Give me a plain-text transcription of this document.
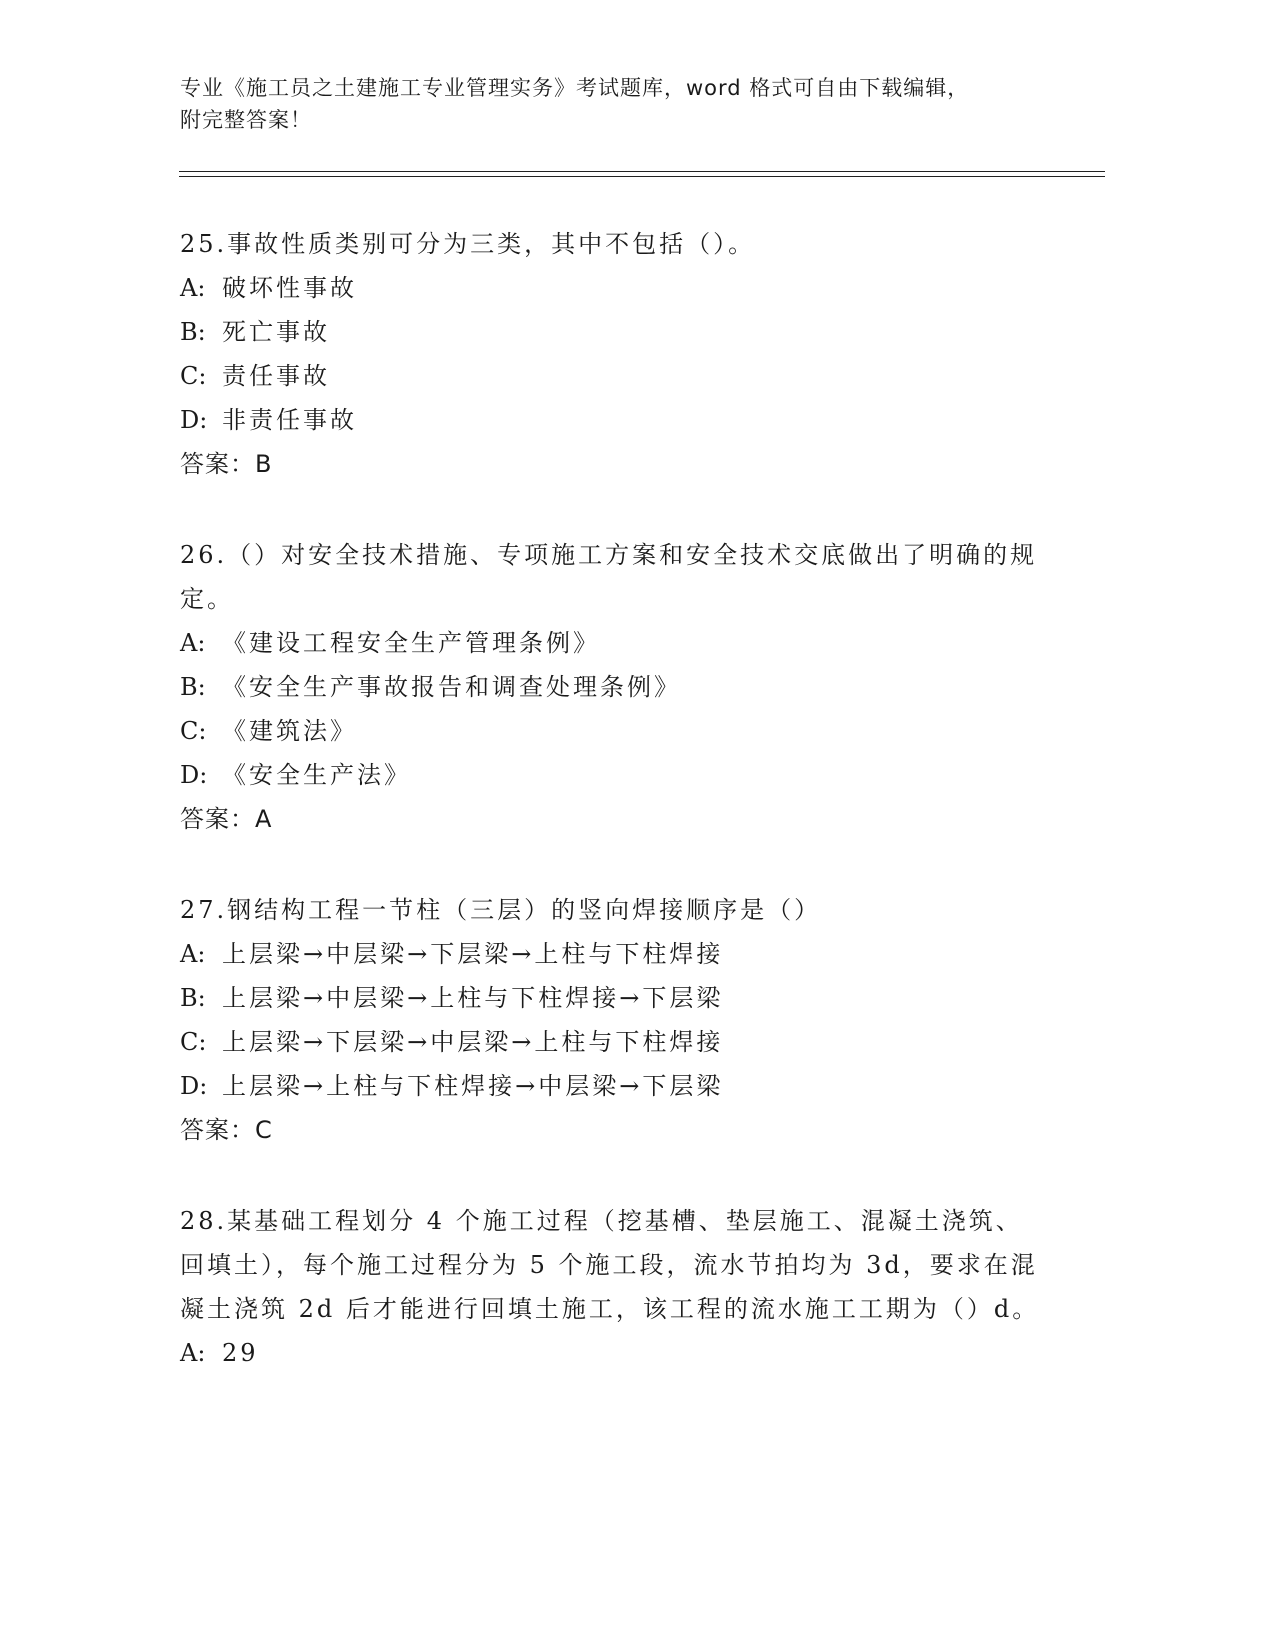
专业《施工员之土建施工专业管理实务》考试题库，word 格式可自由下载编辑，
附完整答案！

25.事故性质类别可分为三类，其中不包括（）。

A: 破坏性事故

B: 死亡事故

C: 责任事故

D: 非责任事故

答案：B

26.（）对安全技术措施、专项施工方案和安全技术交底做出了明确的规定。

A: 《建设工程安全生产管理条例》

B: 《安全生产事故报告和调查处理条例》

C: 《建筑法》

D: 《安全生产法》

答案：A

27.钢结构工程一节柱（三层）的竖向焊接顺序是（）

A: 上层梁→中层梁→下层梁→上柱与下柱焊接

B: 上层梁→中层梁→上柱与下柱焊接→下层梁

C: 上层梁→下层梁→中层梁→上柱与下柱焊接

D: 上层梁→上柱与下柱焊接→中层梁→下层梁

答案：C

28.某基础工程划分 4 个施工过程（挖基槽、垫层施工、混凝土浇筑、回填土），每个施工过程分为 5 个施工段，流水节拍均为 3d，要求在混凝土浇筑 2d 后才能进行回填土施工，该工程的流水施工工期为（）d。

A: 29
